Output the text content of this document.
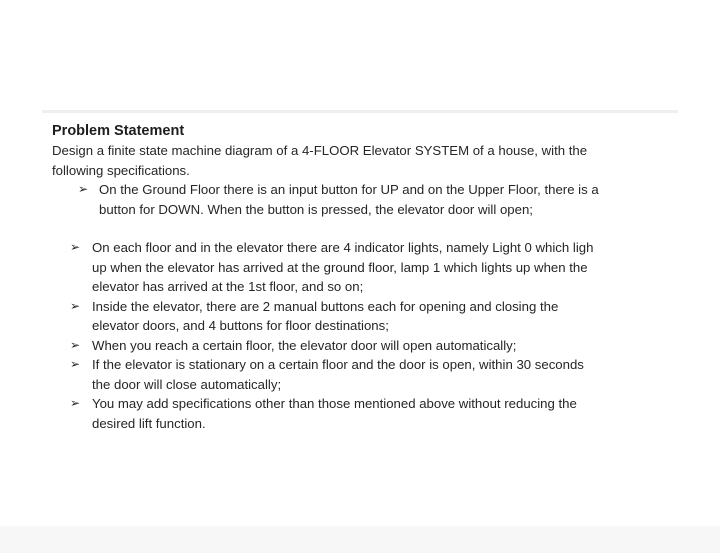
Problem Statement

Design a finite state machine diagram of a 4-FLOOR Elevator SYSTEM of a house, with the
following specifications.

➢ On the Ground Floor there is an input button for UP and on the Upper Floor, there is a
button for DOWN. When the button is pressed, the elevator door will open;
➢ On each floor and in the elevator there are 4 indicator lights, namely Light 0 which ligh
up when the elevator has arrived at the ground floor, lamp 1 which lights up when the
elevator has arrived at the 1st floor, and so on;
➢ Inside the elevator, there are 2 manual buttons each for opening and closing the
elevator doors, and 4 buttons for floor destinations;
➢ When you reach a certain floor, the elevator door will open automatically;
➢ If the elevator is stationary on a certain floor and the door is open, within 30 seconds
the door will close automatically;
➢ You may add specifications other than those mentioned above without reducing the
desired lift function.
